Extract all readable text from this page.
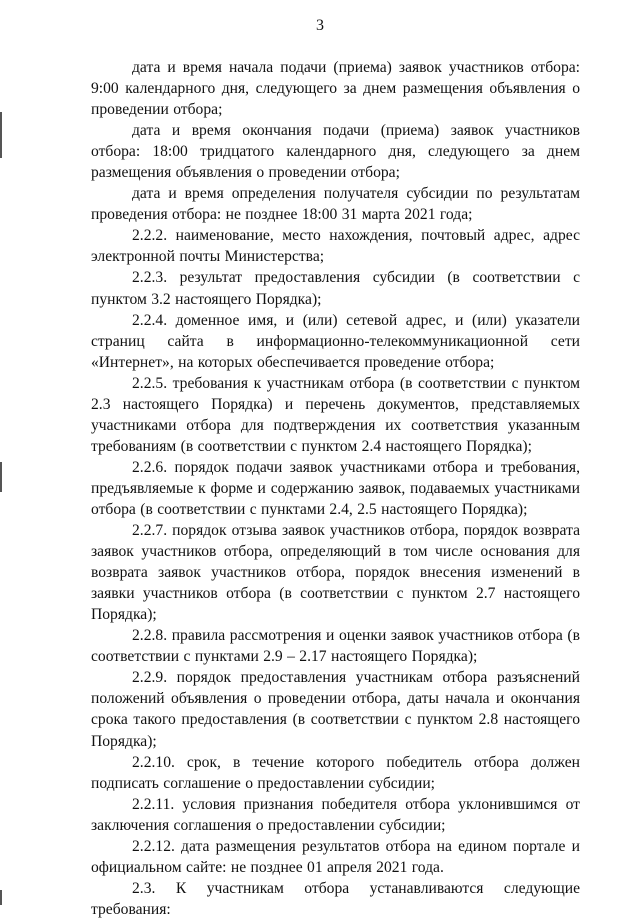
3

дата и время начала подачи (приема) заявок участников отбора: 9:00 календарного дня, следующего за днем размещения объявления о проведении отбора;

дата и время окончания подачи (приема) заявок участников отбора: 18:00 тридцатого календарного дня, следующего за днем размещения объявления о проведении отбора;

дата и время определения получателя субсидии по результатам проведения отбора: не позднее 18:00 31 марта 2021 года;

2.2.2. наименование, место нахождения, почтовый адрес, адрес электронной почты Министерства;

2.2.3. результат предоставления субсидии (в соответствии с пунктом 3.2 настоящего Порядка);

2.2.4. доменное имя, и (или) сетевой адрес, и (или) указатели страниц сайта в информационно-телекоммуникационной сети «Интернет», на которых обеспечивается проведение отбора;

2.2.5. требования к участникам отбора (в соответствии с пунктом 2.3 настоящего Порядка) и перечень документов, представляемых участниками отбора для подтверждения их соответствия указанным требованиям (в соответствии с пунктом 2.4 настоящего Порядка);

2.2.6. порядок подачи заявок участниками отбора и требования, предъявляемые к форме и содержанию заявок, подаваемых участниками отбора (в соответствии с пунктами 2.4, 2.5 настоящего Порядка);

2.2.7. порядок отзыва заявок участников отбора, порядок возврата заявок участников отбора, определяющий в том числе основания для возврата заявок участников отбора, порядок внесения изменений в заявки участников отбора (в соответствии с пунктом 2.7 настоящего Порядка);

2.2.8. правила рассмотрения и оценки заявок участников отбора (в соответствии с пунктами 2.9 – 2.17 настоящего Порядка);

2.2.9. порядок предоставления участникам отбора разъяснений положений объявления о проведении отбора, даты начала и окончания срока такого предоставления (в соответствии с пунктом 2.8 настоящего Порядка);

2.2.10. срок, в течение которого победитель отбора должен подписать соглашение о предоставлении субсидии;

2.2.11. условия признания победителя отбора уклонившимся от заключения соглашения о предоставлении субсидии;

2.2.12. дата размещения результатов отбора на едином портале и официальном сайте: не позднее 01 апреля 2021 года.

2.3. К участникам отбора устанавливаются следующие требования:
